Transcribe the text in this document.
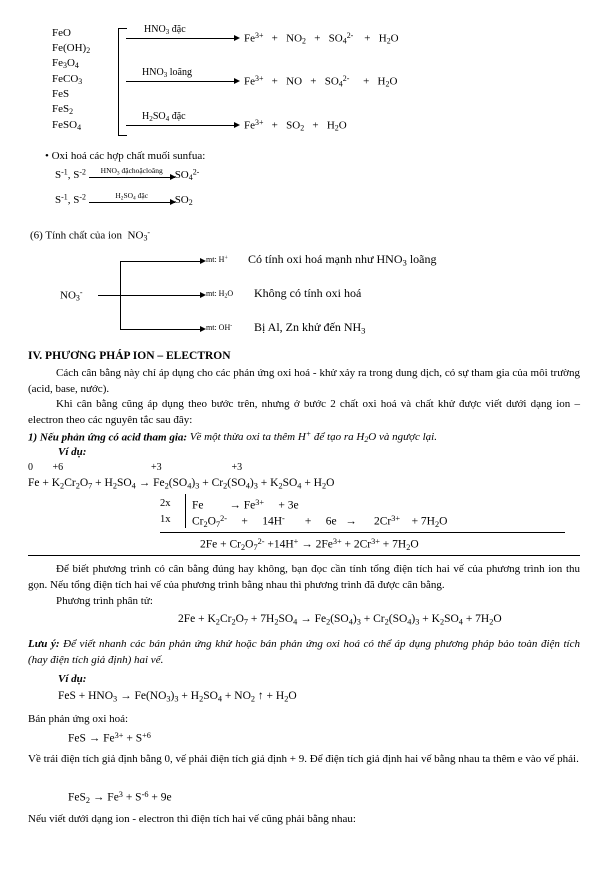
FeO
$Fe(OH)_2$
$Fe_3O_4$
FeCO$_3$
FeS
FeS$_2$
FeSO$_4$
$HNO_3$ đặc
$Fe^{3+} + NO_2 + SO_4^{2-}$    +   $H_2O$
$HNO_3$ loãng
$Fe^{3+}$   +   NO   +   $SO_4^{2-}$     +   $H_2O$
$H_2SO_4$ đặc
$Fe^{3+} + SO_2 + H_2O$
• Oxi hoá các hợp chất muối sunfua:
$S^{-1}$, $S^{-2}$	$HNO_3$ đặchoặcloãng	$SO_4^{2-}$
$S^{-1}$, $S^{-2}$	$H_2SO_4$ đặc	$SO_2$
(6) Tính chất của ion  $NO_3^-$
$NO_3^-$
mt: H+ Có tính oxi hoá mạnh như $HNO_3$ loãng
mt: $H_2O$ Không có tính oxi hoá
mt: OH- Bị Al, Zn khử đến $NH_3$
IV. PHƯƠNG PHÁP ION – ELECTRON
Cách cân bằng này chỉ áp dụng cho các phản ứng oxi hoá - khử xảy ra trong dung dịch, có sự tham gia của môi trường (acid, base, nước).
Khi cân bằng cũng áp dụng theo bước trên, nhưng ở bước 2 chất oxi hoá và chất khử được viết dưới dạng ion – electron theo các nguyên tắc sau đây:
1) Nếu phản ứng có acid tham gia: Về một thừa oxi ta thêm H+ để tạo ra $H_2O$ và ngược lại.
Ví dụ:
0 +6	+3	+3
$Fe + K_2Cr_2O_7 + H_2SO_4 \to Fe_2(SO_4)_3 + Cr_2(SO_4)_3 + K_2SO_4 + H_2O$
2x Fe         → $Fe^{3+}$     + 3e
1x $Cr_2O_7^{2-}$     +     14H-       +     6e   →      $2Cr^{3+}$    + $7H_2O$
$2Fe + Cr_2O_7^{2-} +14H^+ \to 2Fe^{3+} + 2Cr^{3+} + 7H_2O$
Để biết phương trình có cân bằng đúng hay không, bạn đọc cần tính tổng điện tích hai vế của phương trình ion thu gọn. Nếu tổng điện tích hai vế của phương trình bằng nhau thì phương trình đã được cân bằng.
Phương trình phân tử:
$2Fe + K_2Cr_2O_7 + 7H_2SO_4 \to Fe_2(SO_4)_3 + Cr_2(SO_4)_3 + K_2SO_4 + 7H_2O$
Lưu ý: Để viết nhanh các bán phản ứng khử hoặc bán phản ứng oxi hoá có thể áp dụng phương pháp bảo toàn điện tích (hay điện tích giả định) hai vế.
Ví dụ:
FeS + $HNO_3 \to Fe(NO_3)_3 + H_2SO_4 + NO_2$ ↑ + $H_2O$
Bán phản ứng oxi hoá:
FeS → $Fe^{3+} + S^{+6}$
Về trái điện tích giả định bằng 0, vế phải điện tích giả định + 9. Để điện tích giả định hai vế bằng nhau ta thêm e vào vế phải.
$FeS_2 \to Fe^3 + S^{-6} + 9e$
Nếu viết dưới dạng ion - electron thì điện tích hai vế cũng phải bằng nhau:
